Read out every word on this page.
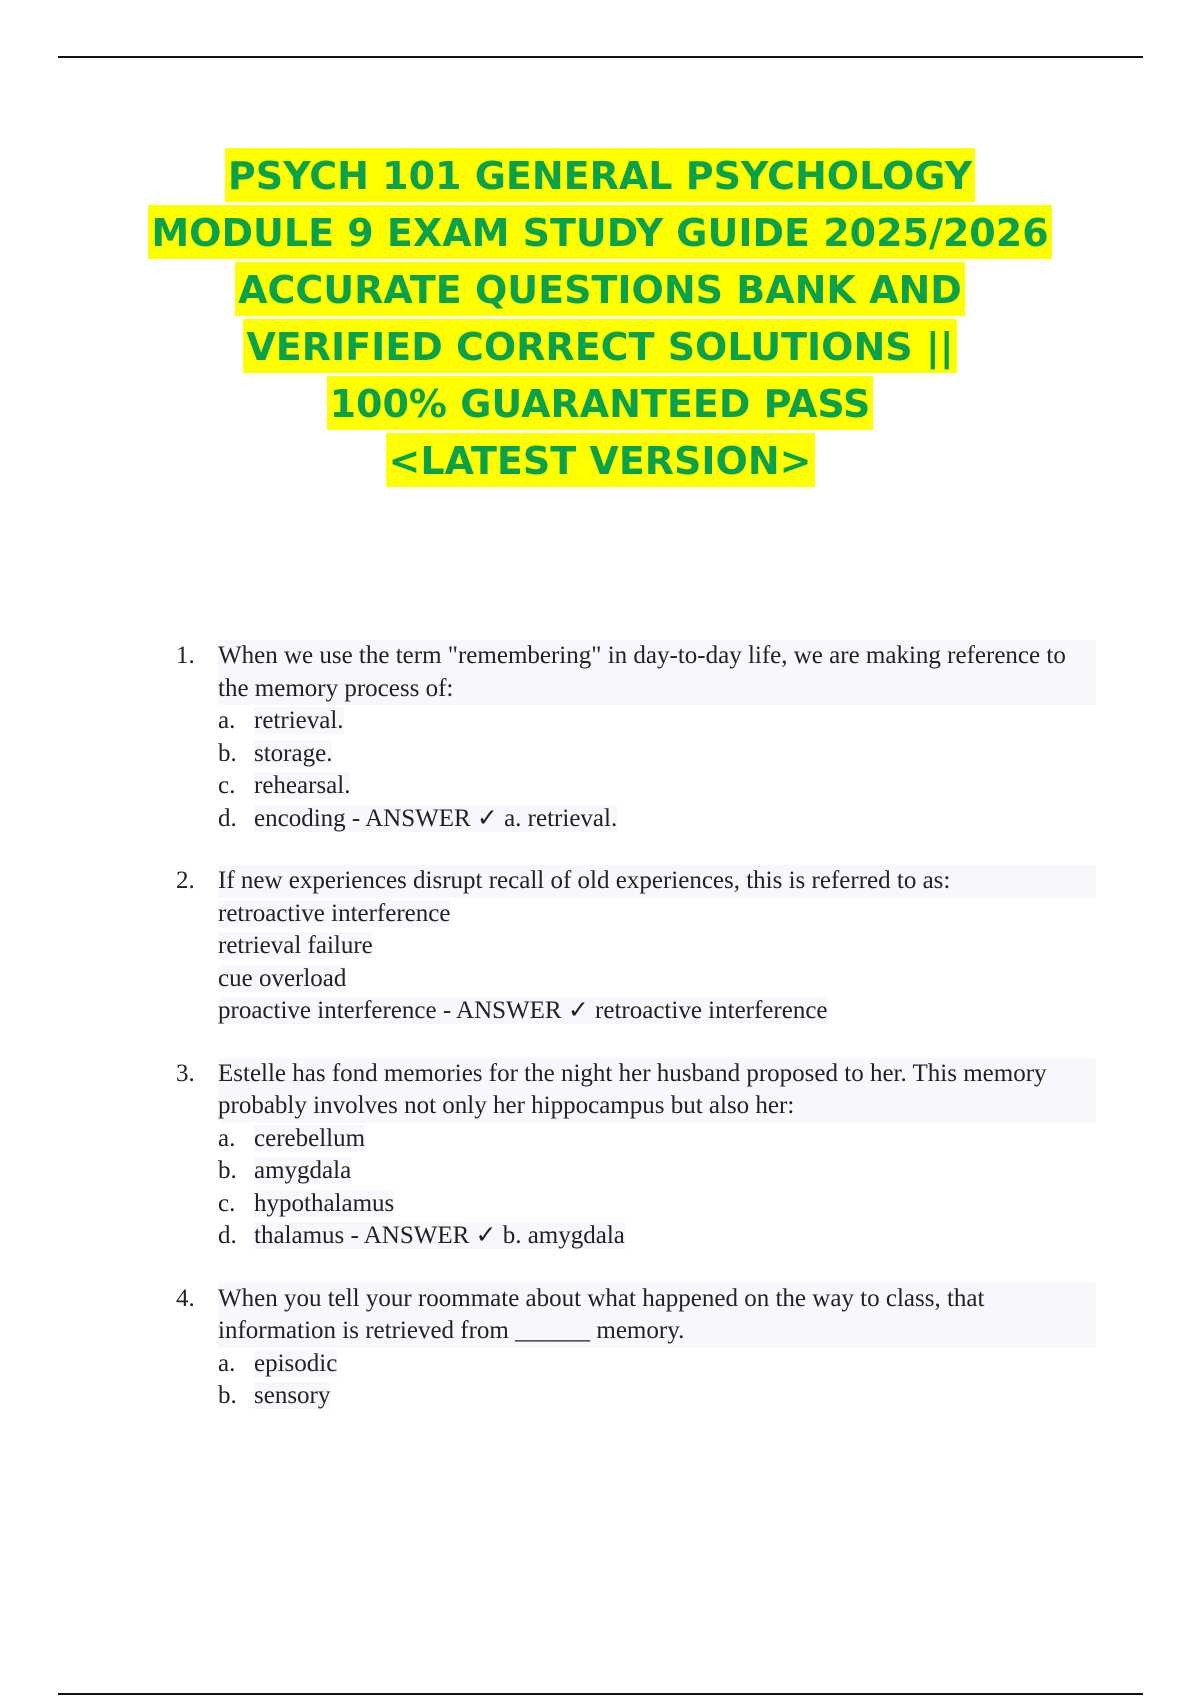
PSYCH 101 GENERAL PSYCHOLOGY
MODULE 9 EXAM STUDY GUIDE 2025/2026
ACCURATE QUESTIONS BANK AND
VERIFIED CORRECT SOLUTIONS ||
100% GUARANTEED PASS
<LATEST VERSION>
1. When we use the term "remembering" in day-to-day life, we are making reference to the memory process of:
a. retrieval.
b. storage.
c. rehearsal.
d. encoding - ANSWER ✓ a. retrieval.
2. If new experiences disrupt recall of old experiences, this is referred to as:
retroactive interference
retrieval failure
cue overload
proactive interference - ANSWER ✓ retroactive interference
3. Estelle has fond memories for the night her husband proposed to her. This memory probably involves not only her hippocampus but also her:
a. cerebellum
b. amygdala
c. hypothalamus
d. thalamus - ANSWER ✓ b. amygdala
4. When you tell your roommate about what happened on the way to class, that information is retrieved from ______ memory.
a. episodic
b. sensory
